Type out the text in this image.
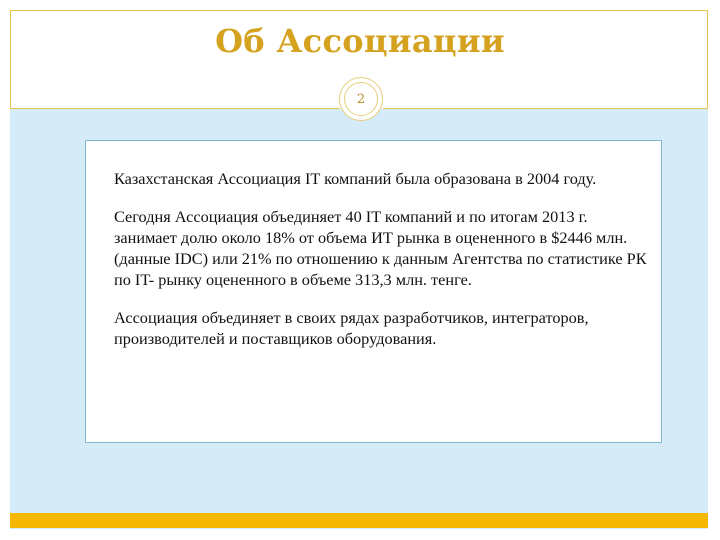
Об Ассоциации
2

Казахстанская Ассоциация IT компаний была образована в 2004 году.

Сегодня Ассоциация объединяет 40 IT компаний и по итогам 2013 г. занимает долю около 18% от объема ИТ рынка в оцененного в $2446 млн. (данные IDC) или 21% по отношению к данным Агентства по статистике РК по IT- рынку оцененного в объеме 313,3 млн. тенге.

Ассоциация объединяет в своих рядах разработчиков, интеграторов, производителей и поставщиков оборудования.
